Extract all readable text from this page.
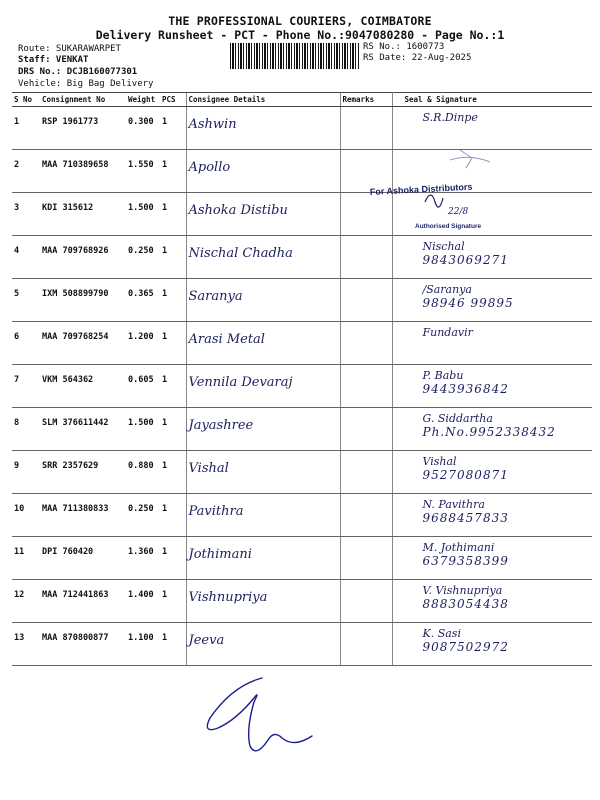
THE PROFESSIONAL COURIERS, COIMBATORE
Delivery Runsheet - PCT - Phone No.:9047080280 - Page No.:1
Route: SUKARAWARPET
Staff: VENKAT
DRS No.: DCJB160077301
Vehicle: Big Bag Delivery
RS No.: 1600773
RS Date: 22-Aug-2025
S No	Consignment No	Weight	PCS	Consignee Details	Remarks	Seal & Signature
1	RSP 1961773	0.300	1	Ashwin		S.R.Dinpe

2	MAA 710389658	1.550	1	Apollo		

3	KDI 315612	1.500	1	Ashoka Distibu		

4	MAA 709768926	0.250	1	Nischal Chadha		Nischal
9843069271

5	IXM 508899790	0.365	1	Saranya		/Saranya
98946 99895

6	MAA 709768254	1.200	1	Arasi Metal		Fundavir

7	VKM 564362	0.605	1	Vennila Devaraj		P. Babu
9443936842

8	SLM 376611442	1.500	1	Jayashree		G. Siddartha
Ph.No.9952338432

9	SRR 2357629	0.880	1	Vishal		Vishal
9527080871

10	MAA 711380833	0.250	1	Pavithra		N. Pavithra
9688457833

11	DPI 760420	1.360	1	Jothimani		M. Jothimani
6379358399

12	MAA 712441863	1.400	1	Vishnupriya		V. Vishnupriya
8883054438

13	MAA 870800877	1.100	1	Jeeva		K. Sasi
9087502972
For Ashoka Distributors
22/8
Authorised Signature
